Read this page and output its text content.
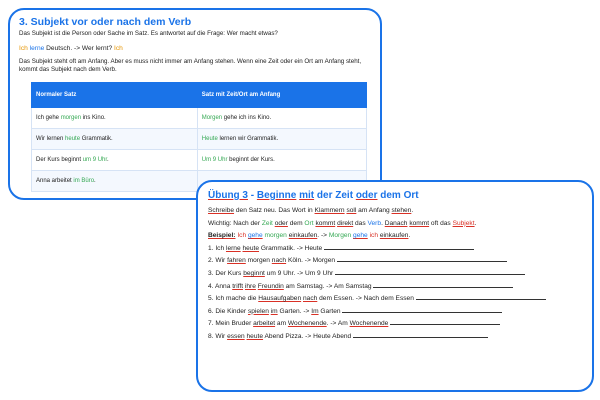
3. Subjekt vor oder nach dem Verb
Das Subjekt ist die Person oder Sache im Satz. Es antwortet auf die Frage: Wer macht etwas?
Ich lerne Deutsch. -> Wer lernt? Ich
Das Subjekt steht oft am Anfang. Aber es muss nicht immer am Anfang stehen. Wenn eine Zeit oder ein Ort am Anfang steht, kommt das Subjekt nach dem Verb.
Normaler Satz	Satz mit Zeit/Ort am Anfang
Ich gehe morgen ins Kino.	Morgen gehe ich ins Kino.
Wir lernen heute Grammatik.	Heute lernen wir Grammatik.
Der Kurs beginnt um 9 Uhr.	Um 9 Uhr beginnt der Kurs.
Anna arbeitet im Büro.	
Übung 3 - Beginne mit der Zeit oder dem Ort
Schreibe den Satz neu. Das Wort in Klammern soll am Anfang stehen.
Wichtig: Nach der Zeit oder dem Ort kommt direkt das Verb. Danach kommt oft das Subjekt.
Beispiel: Ich gehe morgen einkaufen. -> Morgen gehe ich einkaufen.
1. Ich lerne heute Grammatik. -> Heute
2. Wir fahren morgen nach Köln. -> Morgen
3. Der Kurs beginnt um 9 Uhr. -> Um 9 Uhr
4. Anna trifft ihre Freundin am Samstag. -> Am Samstag
5. Ich mache die Hausaufgaben nach dem Essen. -> Nach dem Essen
6. Die Kinder spielen im Garten. -> Im Garten
7. Mein Bruder arbeitet am Wochenende. -> Am Wochenende
8. Wir essen heute Abend Pizza. -> Heute Abend
